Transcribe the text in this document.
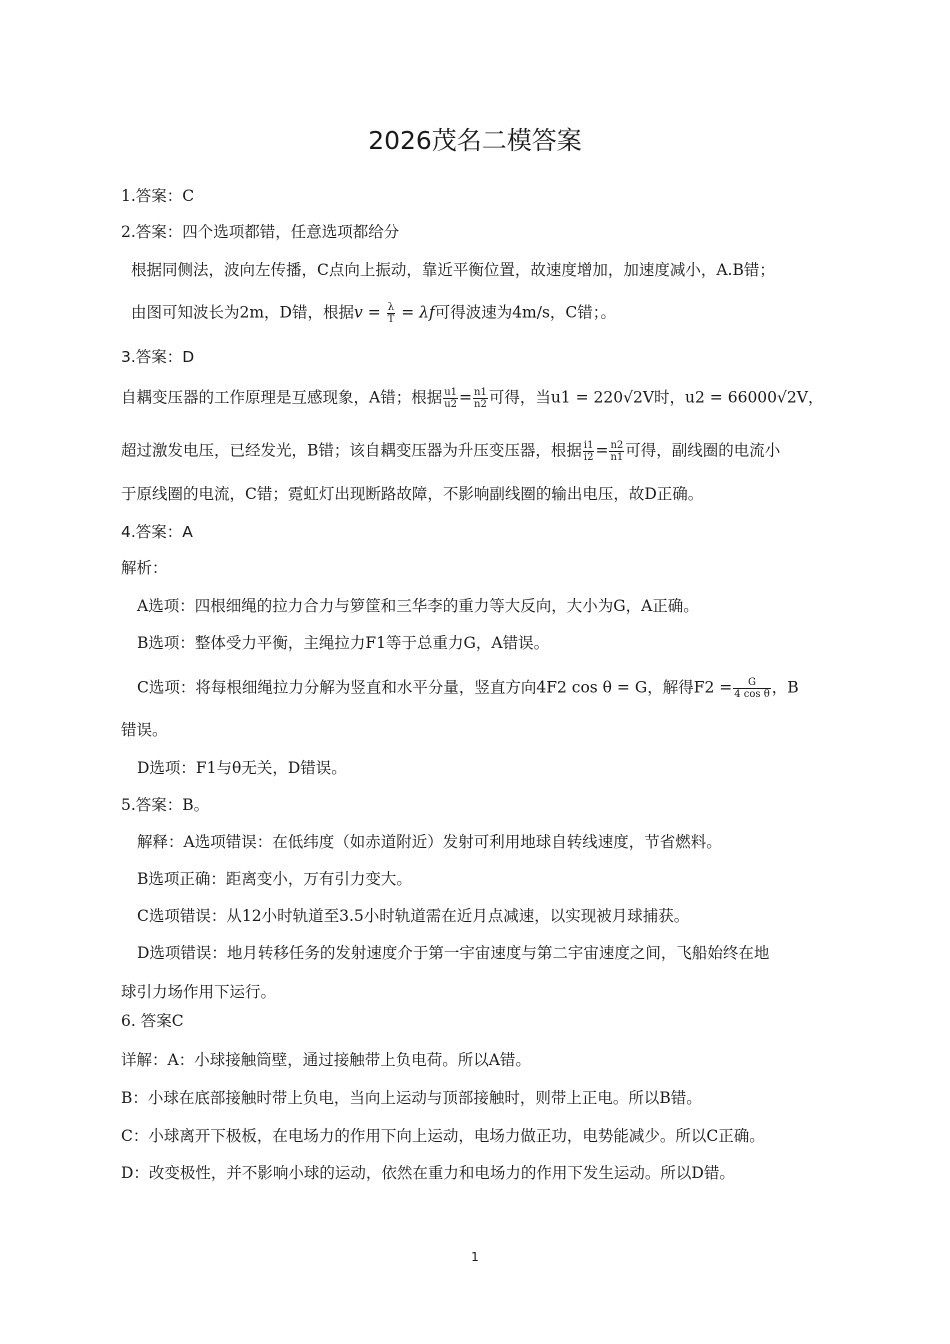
2026茂名二模答案
1.答案：C
2.答案：四个选项都错，任意选项都给分
根据同侧法，波向左传播，C点向上振动，靠近平衡位置，故速度增加，加速度减小，A.B错；
由图可知波长为2m，D错，根据$v = \frac{\lambda}{T} = \lambda f$可得波速为4m/s，C错；。
3.答案：D
自耦变压器的工作原理是互感现象，A错；根据 $\frac{u1}{u2} = \frac{n1}{n2}$ 可得，当u1 = 220√2V时，u2 = 66000√2V，
超过激发电压，已经发光，B错；该自耦变压器为升压变压器，根据 $\frac{i1}{i2} = \frac{n2}{n1}$ 可得，副线圈的电流小
于原线圈的电流，C错；霓虹灯出现断路故障，不影响副线圈的输出电压，故D正确。
4.答案：A
解析：
A选项：四根细绳的拉力合力与箩筐和三华李的重力等大反向，大小为G，A正确。
B选项：整体受力平衡，主绳拉力F1等于总重力G，A错误。
C选项：将每根细绳拉力分解为竖直和水平分量，竖直方向4F2 cos θ = G，解得$F2 = \frac{G}{\text{4 cos θ}}$ ，B
错误。
D选项：F1与θ无关，D错误。
5.答案：B。
解释：A选项错误：在低纬度（如赤道附近）发射可利用地球自转线速度，节省燃料。
B选项正确：距离变小，万有引力变大。
C选项错误：从12小时轨道至3.5小时轨道需在近月点减速，以实现被月球捕获。
D选项错误：地月转移任务的发射速度介于第一宇宙速度与第二宇宙速度之间，飞船始终在地
球引力场作用下运行。
6. 答案C
详解：A：小球接触筒壁，通过接触带上负电荷。所以A错。
B：小球在底部接触时带上负电，当向上运动与顶部接触时，则带上正电。所以B错。
C：小球离开下极板，在电场力的作用下向上运动，电场力做正功，电势能减少。所以C正确。
D：改变极性，并不影响小球的运动，依然在重力和电场力的作用下发生运动。所以D错。
1
